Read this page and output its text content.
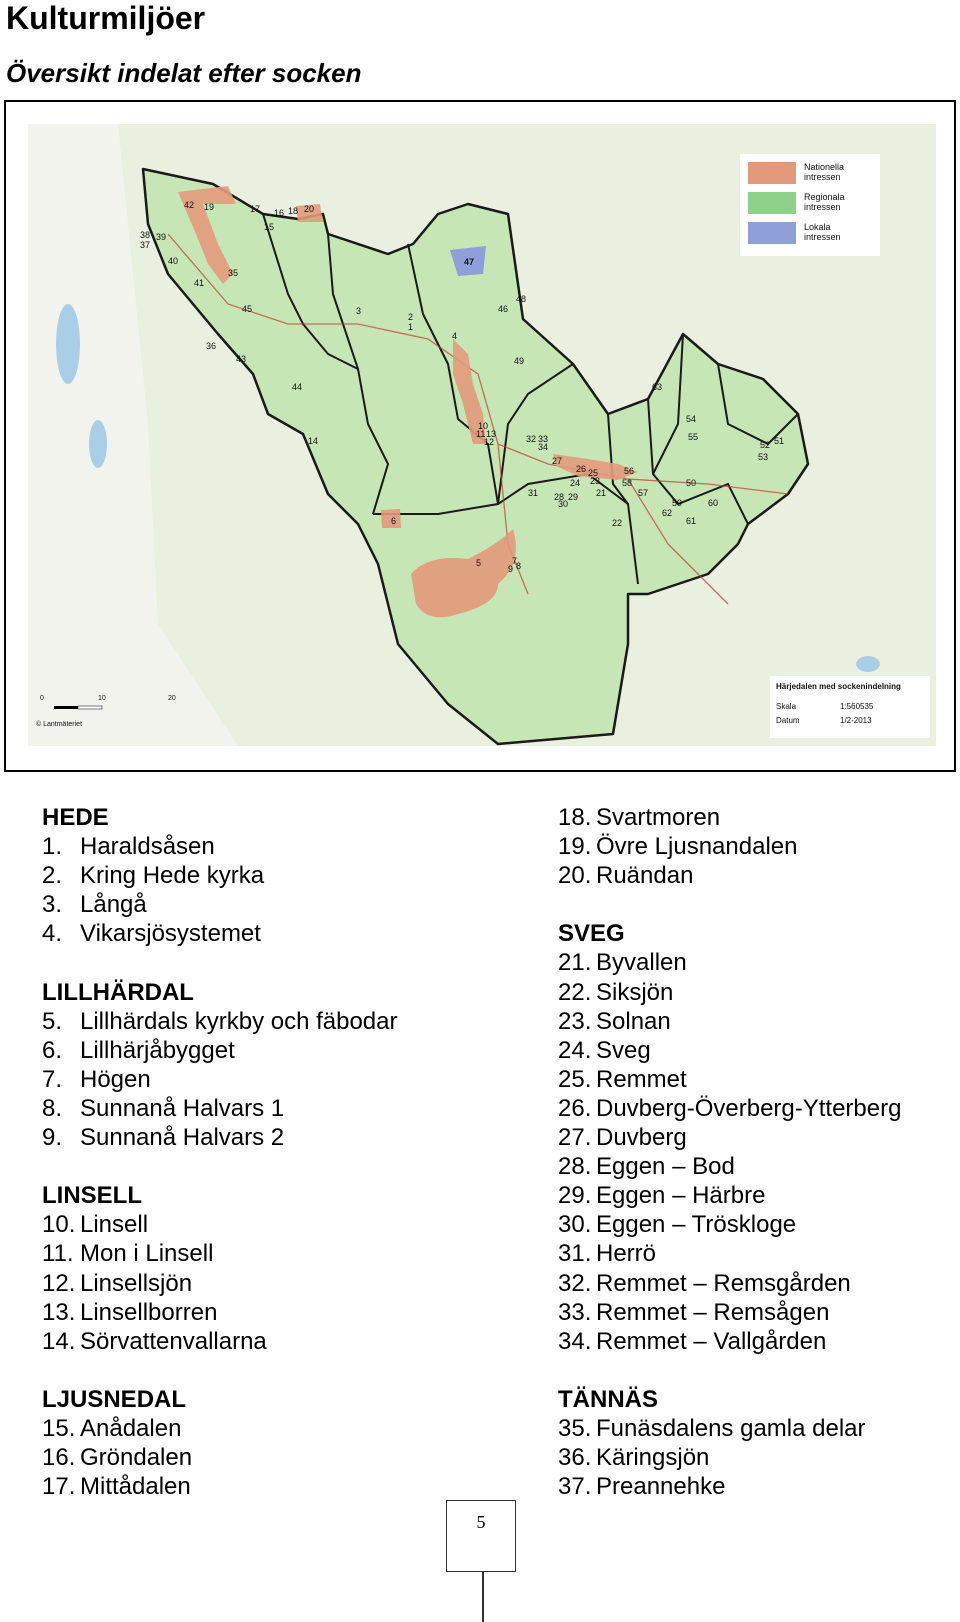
Kulturmiljöer
Översikt indelat efter socken
1
2
3
4
5
6
7
8
9
10
11
12
13
14
15
16
17	18
19	20
21
22
23
24
25
26
27
28 29
30
31
32 33
34
35
36
37
38 39
40
41
42
43
44
45	46
47
48
49
50
51
52
53
54
55
56
57
58
59	60
61
62
63
Nationella
intressen
Regionala
intressen
Lokala
intressen
Härjedalen med sockenindelning
Skala	1:560535
Datum	1/2-2013
0	10	20
© Lantmäteriet
HEDE
1. Haraldsåsen
2. Kring Hede kyrka
3. Långå
4. Vikarsjösystemet
LILLHÄRDAL
5. Lillhärdals kyrkby och fäbodar
6. Lillhärjåbygget
7. Högen
8. Sunnanå Halvars 1
9. Sunnanå Halvars 2
LINSELL
10. Linsell
11. Mon i Linsell
12. Linsellsjön
13. Linsellborren
14. Sörvattenvallarna
LJUSNEDAL
15. Anådalen
16. Gröndalen
17. Mittådalen
18. Svartmoren
19. Övre Ljusnandalen
20. Ruändan
SVEG
21. Byvallen
22. Siksjön
23. Solnan
24. Sveg
25. Remmet
26. Duvberg-Överberg-Ytterberg
27. Duvberg
28. Eggen – Bod
29. Eggen – Härbre
30. Eggen – Tröskloge
31. Herrö
32. Remmet – Remsgården
33. Remmet – Remsågen
34. Remmet – Vallgården
TÄNNÄS
35. Funäsdalens gamla delar
36. Käringsjön
37. Preannehke
5
